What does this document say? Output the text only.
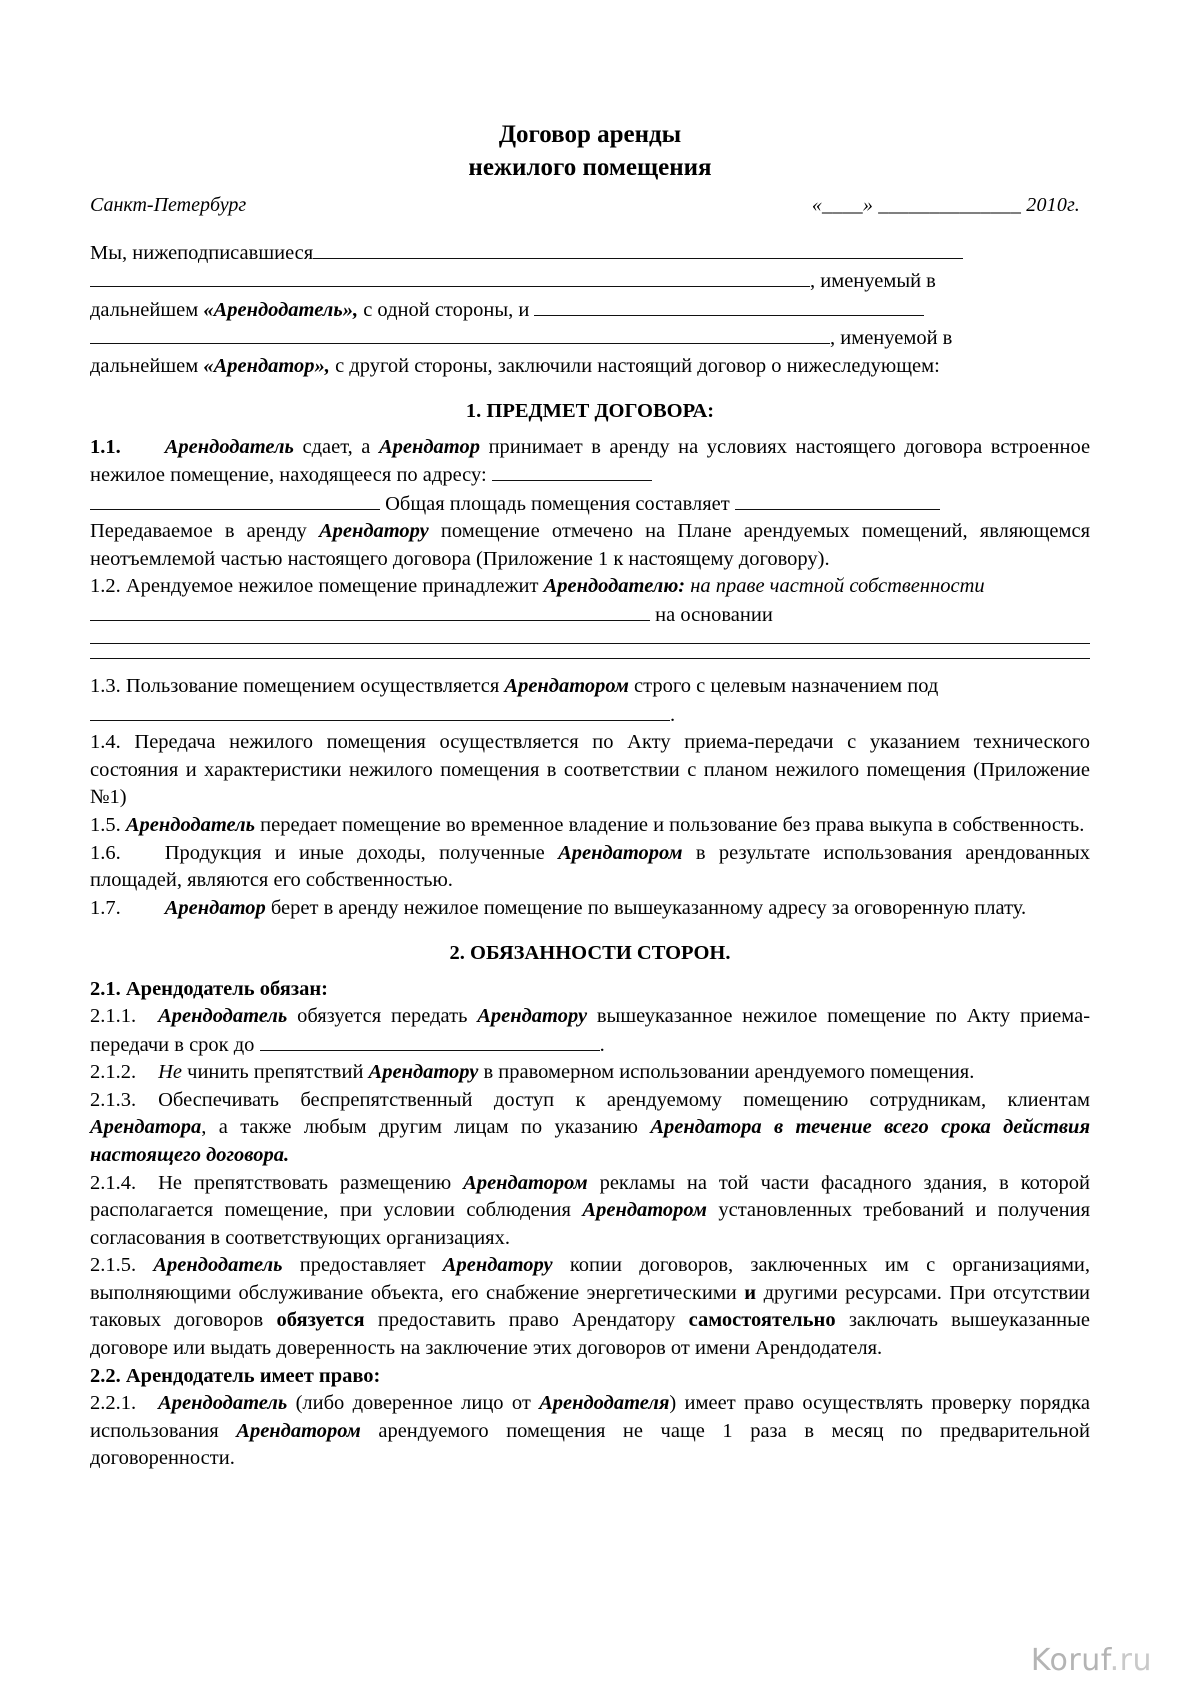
Договор аренды
нежилого помещения
Санкт-Петербург	«____» ______________ 2010г.

Мы, нижеподписавшиеся

, именуемый в

дальнейшем «Арендодатель», с одной стороны, и

, именуемой в

дальнейшем «Арендатор», с другой стороны, заключили настоящий договор о нижеследующем:

1. ПРЕДМЕТ ДОГОВОРА:

1.1. Арендодатель сдает, а Арендатор принимает в аренду на условиях настоящего договора встроенное нежилое помещение, находящееся по адресу:

Общая площадь помещения составляет

Передаваемое в аренду Арендатору помещение отмечено на Плане арендуемых помещений, являющемся неотъемлемой частью настоящего договора (Приложение 1 к настоящему договору).

1.2. Арендуемое нежилое помещение принадлежит Арендодателю: на праве частной собственности

на основании

1.3. Пользование помещением осуществляется Арендатором строго с целевым назначением под

.

1.4. Передача нежилого помещения осуществляется по Акту приема-передачи с указанием технического состояния и характеристики нежилого помещения в соответствии с планом нежилого помещения (Приложение №1)

1.5. Арендодатель передает помещение во временное владение и пользование без права выкупа в собственность.

1.6. Продукция и иные доходы, полученные Арендатором в результате использования арендованных площадей, являются его собственностью.

1.7. Арендатор берет в аренду нежилое помещение по вышеуказанному адресу за оговоренную плату.

2. ОБЯЗАННОСТИ СТОРОН.

2.1. Арендодатель обязан:

2.1.1. Арендодатель обязуется передать Арендатору вышеуказанное нежилое помещение по Акту приема-передачи в срок до	.

2.1.2. Не чинить препятствий Арендатору в правомерном использовании арендуемого помещения.

2.1.3. Обеспечивать беспрепятственный доступ к арендуемому помещению сотрудникам, клиентам Арендатора, а также любым другим лицам по указанию Арендатора в течение всего срока действия настоящего договора.

2.1.4. Не препятствовать размещению Арендатором рекламы на той части фасадного здания, в которой располагается помещение, при условии соблюдения Арендатором установленных требований и получения согласования в соответствующих организациях.

2.1.5. Арендодатель предоставляет Арендатору копии договоров, заключенных им с организациями, выполняющими обслуживание объекта, его снабжение энергетическими и другими ресурсами. При отсутствии таковых договоров обязуется предоставить право Арендатору самостоятельно заключать вышеуказанные договоре или выдать доверенность на заключение этих договоров от имени Арендодателя.

2.2. Арендодатель имеет право:

2.2.1. Арендодатель (либо доверенное лицо от Арендодателя) имеет право осуществлять проверку порядка использования Арендатором арендуемого помещения не чаще 1 раза в месяц по предварительной договоренности.

Koruf.ru
